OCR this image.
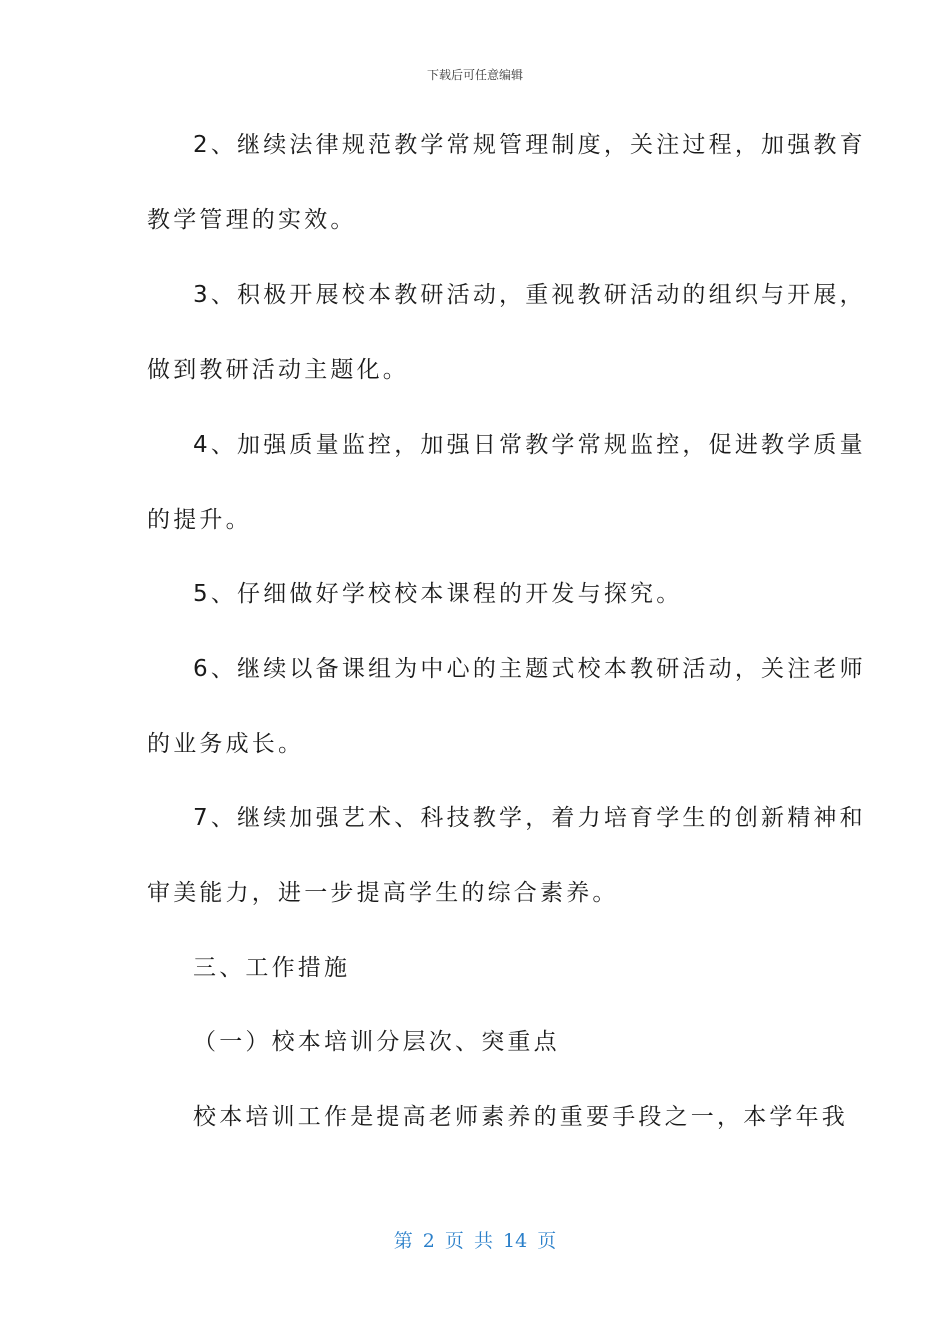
下载后可任意编辑
2、继续法律规范教学常规管理制度，关注过程，加强教育
教学管理的实效。
3、积极开展校本教研活动，重视教研活动的组织与开展，
做到教研活动主题化。
4、加强质量监控，加强日常教学常规监控，促进教学质量
的提升。
5、仔细做好学校校本课程的开发与探究。
6、继续以备课组为中心的主题式校本教研活动，关注老师
的业务成长。
7、继续加强艺术、科技教学，着力培育学生的创新精神和
审美能力，进一步提高学生的综合素养。
三、工作措施
（一）校本培训分层次、突重点
校本培训工作是提高老师素养的重要手段之一，本学年我
第 2 页 共 14 页
